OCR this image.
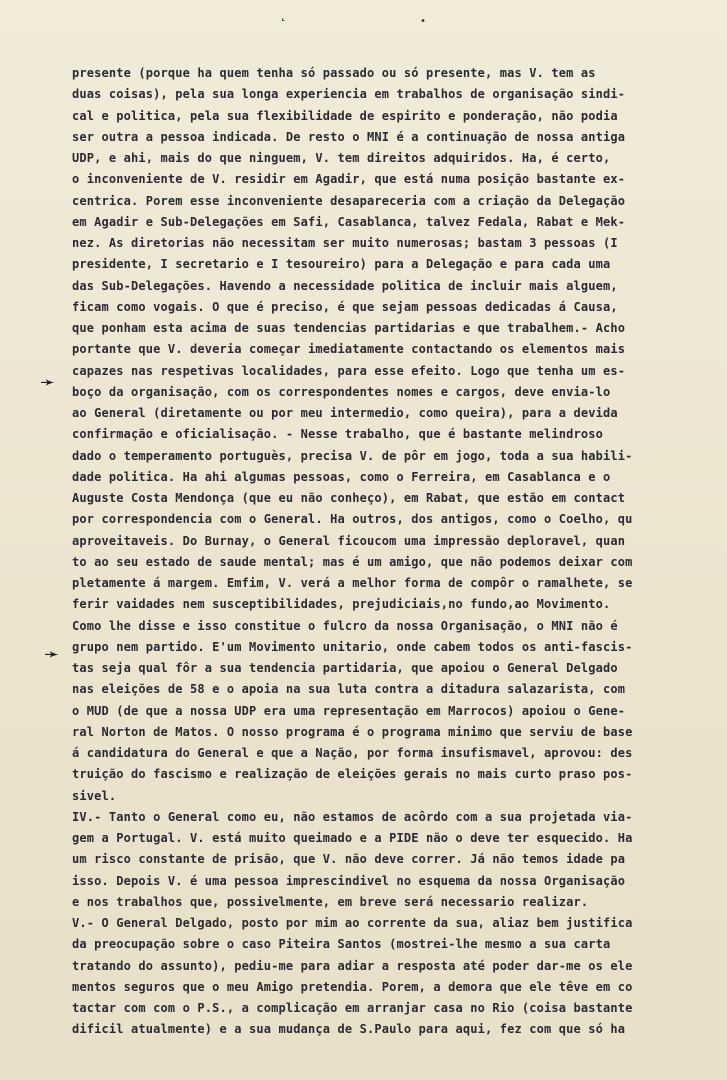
˛	•
➛
➛
presente (porque ha quem tenha só passado ou só presente, mas V. tem as
duas coisas), pela sua longa experiencia em trabalhos de organisação sindi-
cal e politica, pela sua flexibilidade de espirito e ponderação, não podia
ser outra a pessoa indicada. De resto o MNI é a continuação de nossa antiga
UDP, e ahi, mais do que ninguem, V. tem direitos adquiridos. Ha, é certo,
o inconveniente de V. residir em Agadir, que está numa posição bastante ex-
centrica. Porem esse inconveniente desapareceria com a criação da Delegação
em Agadir e Sub-Delegações em Safi, Casablanca, talvez Fedala, Rabat e Mek-
nez. As diretorias não necessitam ser muito numerosas; bastam 3 pessoas (I
presidente, I secretario e I tesoureiro) para a Delegação e para cada uma
das Sub-Delegações. Havendo a necessidade politica de incluir mais alguem,
ficam como vogais. O que é preciso, é que sejam pessoas dedicadas á Causa,
que ponham esta acima de suas tendencias partidarias e que trabalhem.- Acho
portante que V. deveria começar imediatamente contactando os elementos mais
capazes nas respetivas localidades, para esse efeito. Logo que tenha um es-
boço da organisação, com os correspondentes nomes e cargos, deve envia-lo
ao General (diretamente ou por meu intermedio, como queira), para a devida
confirmação e oficialisação. - Nesse trabalho, que é bastante melindroso
dado o temperamento portuguès, precisa V. de pôr em jogo, toda a sua habili-
dade politica. Ha ahi algumas pessoas, como o Ferreira, em Casablanca e o
Auguste Costa Mendonça (que eu não conheço), em Rabat, que estão em contact
por correspondencia com o General. Ha outros, dos antigos, como o Coelho, qu
aproveitaveis. Do Burnay, o General ficoucom uma impressão deploravel, quan
to ao seu estado de saude mental; mas é um amigo, que não podemos deixar com
pletamente á margem. Emfim, V. verá a melhor forma de compôr o ramalhete, se
ferir vaidades nem susceptibilidades, prejudiciais,no fundo,ao Movimento.
Como lhe disse e isso constitue o fulcro da nossa Organisação, o MNI não é
grupo nem partido. E'um Movimento unitario, onde cabem todos os anti-fascis-
tas seja qual fôr a sua tendencia partidaria, que apoiou o General Delgado
nas eleições de 58 e o apoia na sua luta contra a ditadura salazarista, com
o MUD (de que a nossa UDP era uma representação em Marrocos) apoiou o Gene-
ral Norton de Matos. O nosso programa é o programa minimo que serviu de base
á candidatura do General e que a Nação, por forma insufismavel, aprovou: des
truição do fascismo e realização de eleições gerais no mais curto praso pos-
sivel.
IV.- Tanto o General como eu, não estamos de acôrdo com a sua projetada via-
gem a Portugal. V. está muito queimado e a PIDE não o deve ter esquecido. Ha
um risco constante de prisão, que V. não deve correr. Já não temos idade pa
isso. Depois V. é uma pessoa imprescindivel no esquema da nossa Organisação
e nos trabalhos que, possivelmente, em breve será necessario realizar.
V.- O General Delgado, posto por mim ao corrente da sua, aliaz bem justifica
da preocupação sobre o caso Piteira Santos (mostrei-lhe mesmo a sua carta
tratando do assunto), pediu-me para adiar a resposta até poder dar-me os ele
mentos seguros que o meu Amigo pretendia. Porem, a demora que ele têve em co
tactar com com o P.S., a complicação em arranjar casa no Rio (coisa bastante
dificil atualmente) e a sua mudança de S.Paulo para aqui, fez com que só ha
